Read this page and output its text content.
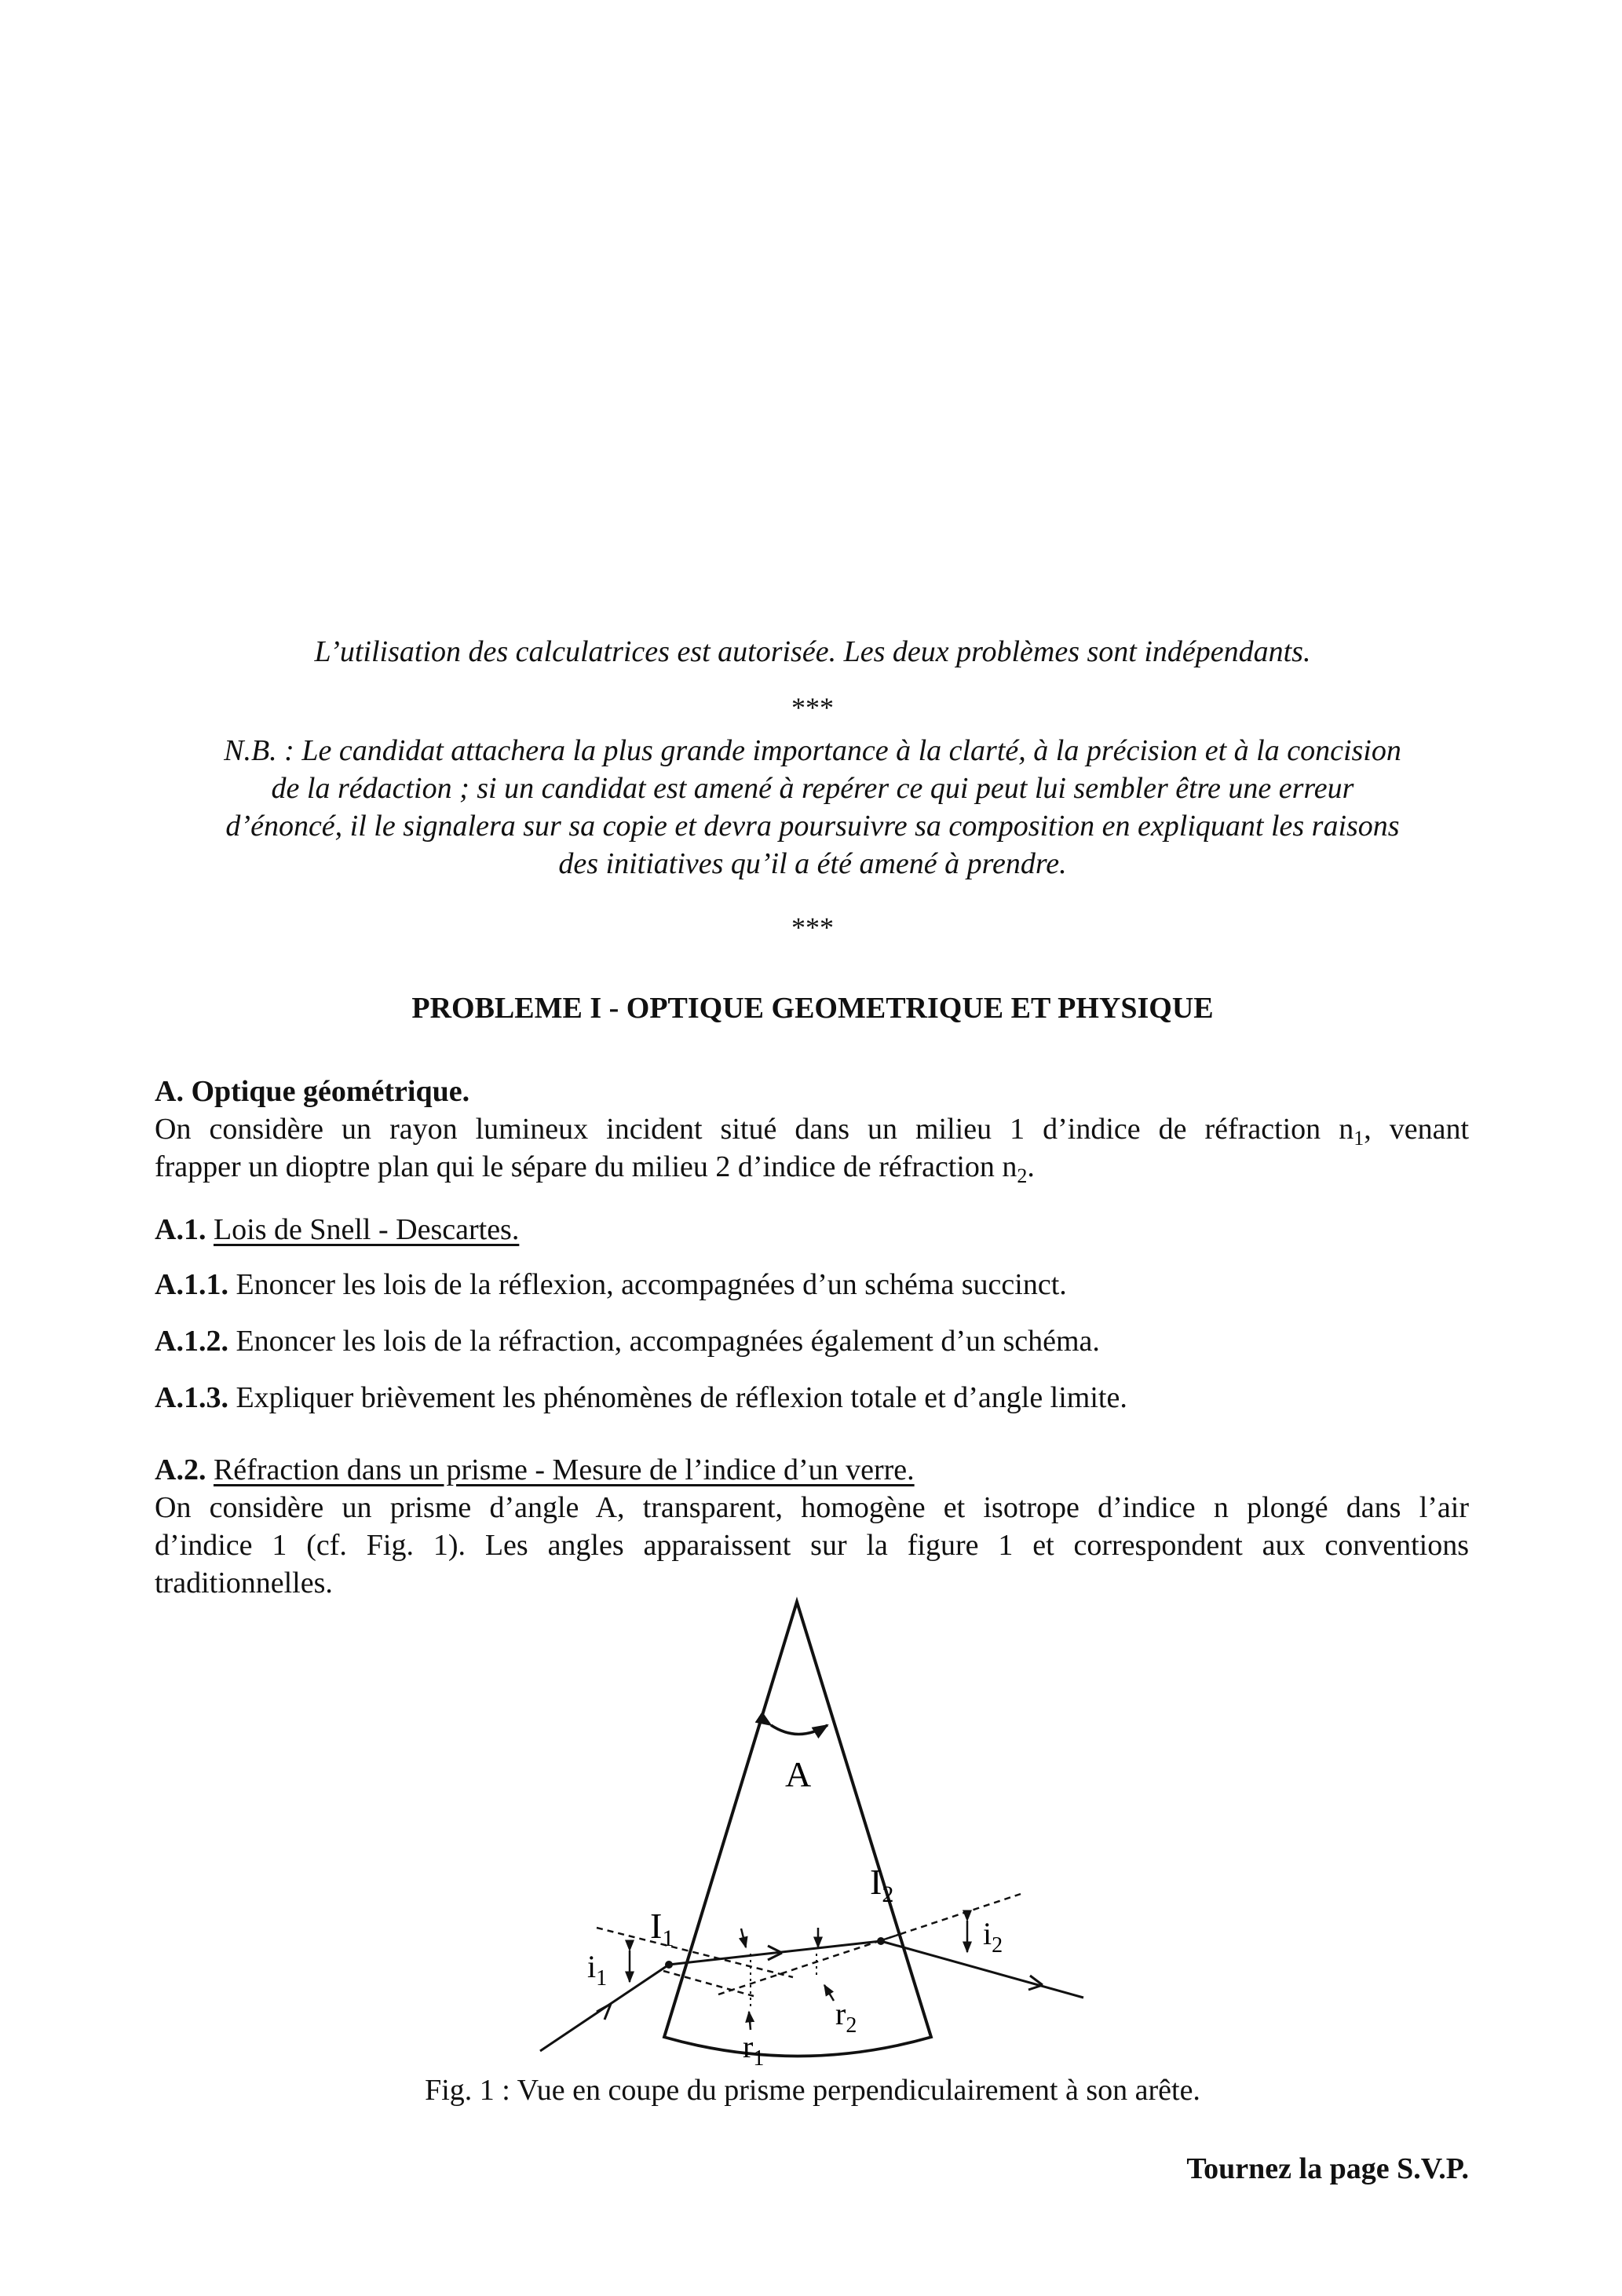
L’utilisation des calculatrices est autorisée. Les deux problèmes sont indépendants.
***
N.B. : Le candidat attachera la plus grande importance à la clarté, à la précision et à la concision
de la rédaction ; si un candidat est amené à repérer ce qui peut lui sembler être une erreur
d’énoncé, il le signalera sur sa copie et devra poursuivre sa composition en expliquant les raisons
des initiatives qu’il a été amené à prendre.
***
PROBLEME I - OPTIQUE GEOMETRIQUE ET PHYSIQUE
A. Optique géométrique.
On considère un rayon lumineux incident situé dans un milieu 1 d’indice de réfraction $n_1$, venant
frapper un dioptre plan qui le sépare du milieu 2 d’indice de réfraction $n_2$.
A.1. Lois de Snell - Descartes.
A.1.1. Enoncer les lois de la réflexion, accompagnées d’un schéma succinct.
A.1.2. Enoncer les lois de la réfraction, accompagnées également d’un schéma.
A.1.3. Expliquer brièvement les phénomènes de réflexion totale et d’angle limite.
A.2. Réfraction dans un prisme - Mesure de l’indice d’un verre.
On considère un prisme d’angle A, transparent, homogène et isotrope d’indice n plongé dans l’air
d’indice 1 (cf. Fig. 1). Les angles apparaissent sur la figure 1 et correspondent aux conventions
traditionnelles.
A
$I_1$
$I_2$
$i_1$
$i_2$
$r_1$
$r_2$
Fig. 1 : Vue en coupe du prisme perpendiculairement à son arête.
Tournez la page S.V.P.
